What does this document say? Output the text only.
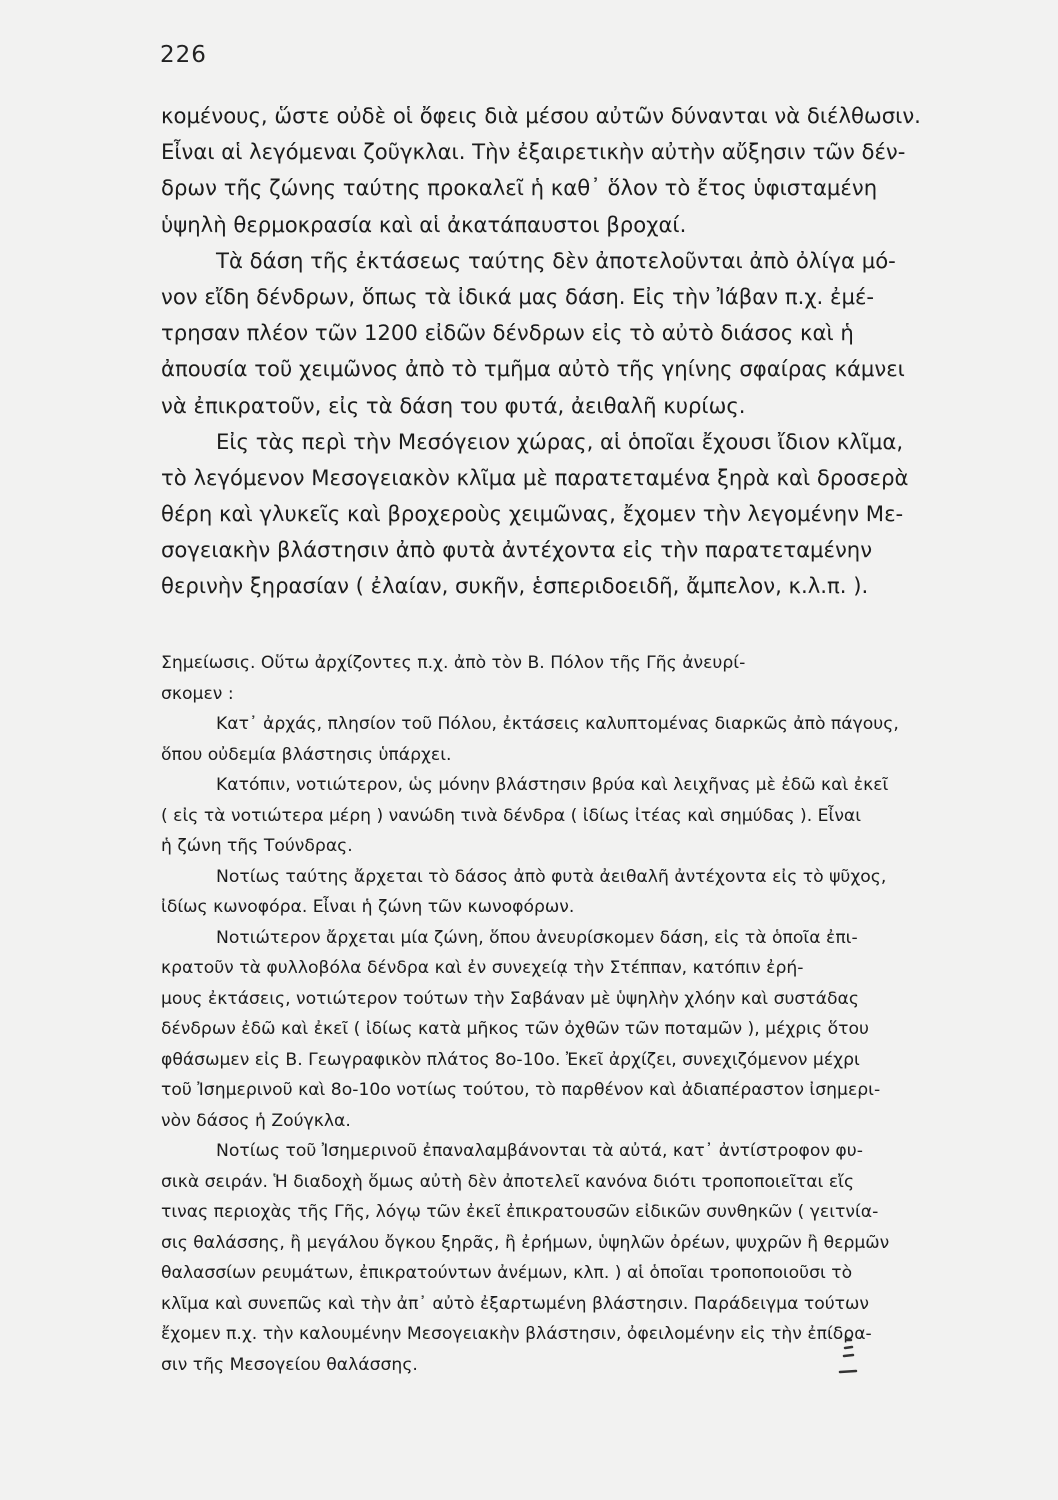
226
κομένους, ὥστε οὐδὲ οἱ ὄφεις διὰ μέσου αὐτῶν δύνανται νὰ διέλθωσιν.
Εἶναι αἱ λεγόμεναι ζοῦγκλαι. Τὴν ἐξαιρετικὴν αὐτὴν αὔξησιν τῶν δέν-
δρων τῆς ζώνης ταύτης προκαλεῖ ἡ καθ᾽ ὅλον τὸ ἔτος ὑφισταμένη
ὑψηλὴ θερμοκρασία καὶ αἱ ἀκατάπαυστοι βροχαί.
Τὰ δάση τῆς ἐκτάσεως ταύτης δὲν ἀποτελοῦνται ἀπὸ ὀλίγα μό-
νον εἴδη δένδρων, ὅπως τὰ ἰδικά μας δάση. Εἰς τὴν Ἰάβαν π.χ. ἐμέ-
τρησαν πλέον τῶν 1200 εἰδῶν δένδρων εἰς τὸ αὐτὸ διάσος καὶ ἡ
ἀπουσία τοῦ χειμῶνος ἀπὸ τὸ τμῆμα αὐτὸ τῆς γηίνης σφαίρας κάμνει
νὰ ἐπικρατοῦν, εἰς τὰ δάση του φυτά, ἀειθαλῆ κυρίως.
Εἰς τὰς περὶ τὴν Μεσόγειον χώρας, αἱ ὁποῖαι ἔχουσι ἴδιον κλῖμα,
τὸ λεγόμενον Μεσογειακὸν κλῖμα μὲ παρατεταμένα ξηρὰ καὶ δροσερὰ
θέρη καὶ γλυκεῖς καὶ βροχεροὺς χειμῶνας, ἔχομεν τὴν λεγομένην Με-
σογειακὴν βλάστησιν ἀπὸ φυτὰ ἀντέχοντα εἰς τὴν παρατεταμένην
θερινὴν ξηρασίαν ( ἐλαίαν, συκῆν, ἑσπεριδοειδῆ, ἄμπελον, κ.λ.π. ).
Σημείωσις. Οὕτω ἀρχίζοντες π.χ. ἀπὸ τὸν Β. Πόλον τῆς Γῆς ἀνευρί-
σκομεν :
Κατ᾽ ἀρχάς, πλησίον τοῦ Πόλου, ἐκτάσεις καλυπτομένας διαρκῶς ἀπὸ πάγους,
ὅπου οὐδεμία βλάστησις ὑπάρχει.
Κατόπιν, νοτιώτερον, ὡς μόνην βλάστησιν βρύα καὶ λειχῆνας μὲ ἐδῶ καὶ ἐκεῖ
( εἰς τὰ νοτιώτερα μέρη ) νανώδη τινὰ δένδρα ( ἰδίως ἰτέας καὶ σημύδας ). Εἶναι
ἡ ζώνη τῆς Τούνδρας.
Νοτίως ταύτης ἄρχεται τὸ δάσος ἀπὸ φυτὰ ἀειθαλῆ ἀντέχοντα εἰς τὸ ψῦχος,
ἰδίως κωνοφόρα. Εἶναι ἡ ζώνη τῶν κωνοφόρων.
Νοτιώτερον ἄρχεται μία ζώνη, ὅπου ἀνευρίσκομεν δάση, εἰς τὰ ὁποῖα ἐπι-
κρατοῦν τὰ φυλλοβόλα δένδρα καὶ ἐν συνεχείᾳ τὴν Στέππαν, κατόπιν ἐρή-
μους ἐκτάσεις, νοτιώτερον τούτων τὴν Σαβάναν μὲ ὑψηλὴν χλόην καὶ συστάδας
δένδρων ἐδῶ καὶ ἐκεῖ ( ἰδίως κατὰ μῆκος τῶν ὀχθῶν τῶν ποταμῶν ), μέχρις ὅτου
φθάσωμεν εἰς Β. Γεωγραφικὸν πλάτος 8ο-10ο. Ἐκεῖ ἀρχίζει, συνεχιζόμενον μέχρι
τοῦ Ἰσημερινοῦ καὶ 8ο-10ο νοτίως τούτου, τὸ παρθένον καὶ ἀδιαπέραστον ἰσημερι-
νὸν δάσος ἡ Ζούγκλα.
Νοτίως τοῦ Ἰσημερινοῦ ἐπαναλαμβάνονται τὰ αὐτά, κατ᾽ ἀντίστροφον φυ-
σικὰ σειράν. Ἡ διαδοχὴ ὅμως αὐτὴ δὲν ἀποτελεῖ κανόνα διότι τροποποιεῖται εἴς
τινας περιοχὰς τῆς Γῆς, λόγῳ τῶν ἐκεῖ ἐπικρατουσῶν εἰδικῶν συνθηκῶν ( γειτνία-
σις θαλάσσης, ἢ μεγάλου ὄγκου ξηρᾶς, ἢ ἐρήμων, ὑψηλῶν ὀρέων, ψυχρῶν ἢ θερμῶν
θαλασσίων ρευμάτων, ἐπικρατούντων ἀνέμων, κλπ. ) αἱ ὁποῖαι τροποποιοῦσι τὸ
κλῖμα καὶ συνεπῶς καὶ τὴν ἀπ᾽ αὐτὸ ἐξαρτωμένη βλάστησιν. Παράδειγμα τούτων
ἔχομεν π.χ. τὴν καλουμένην Μεσογειακὴν βλάστησιν, ὀφειλομένην εἰς τὴν ἐπίδρα-
σιν τῆς Μεσογείου θαλάσσης.
